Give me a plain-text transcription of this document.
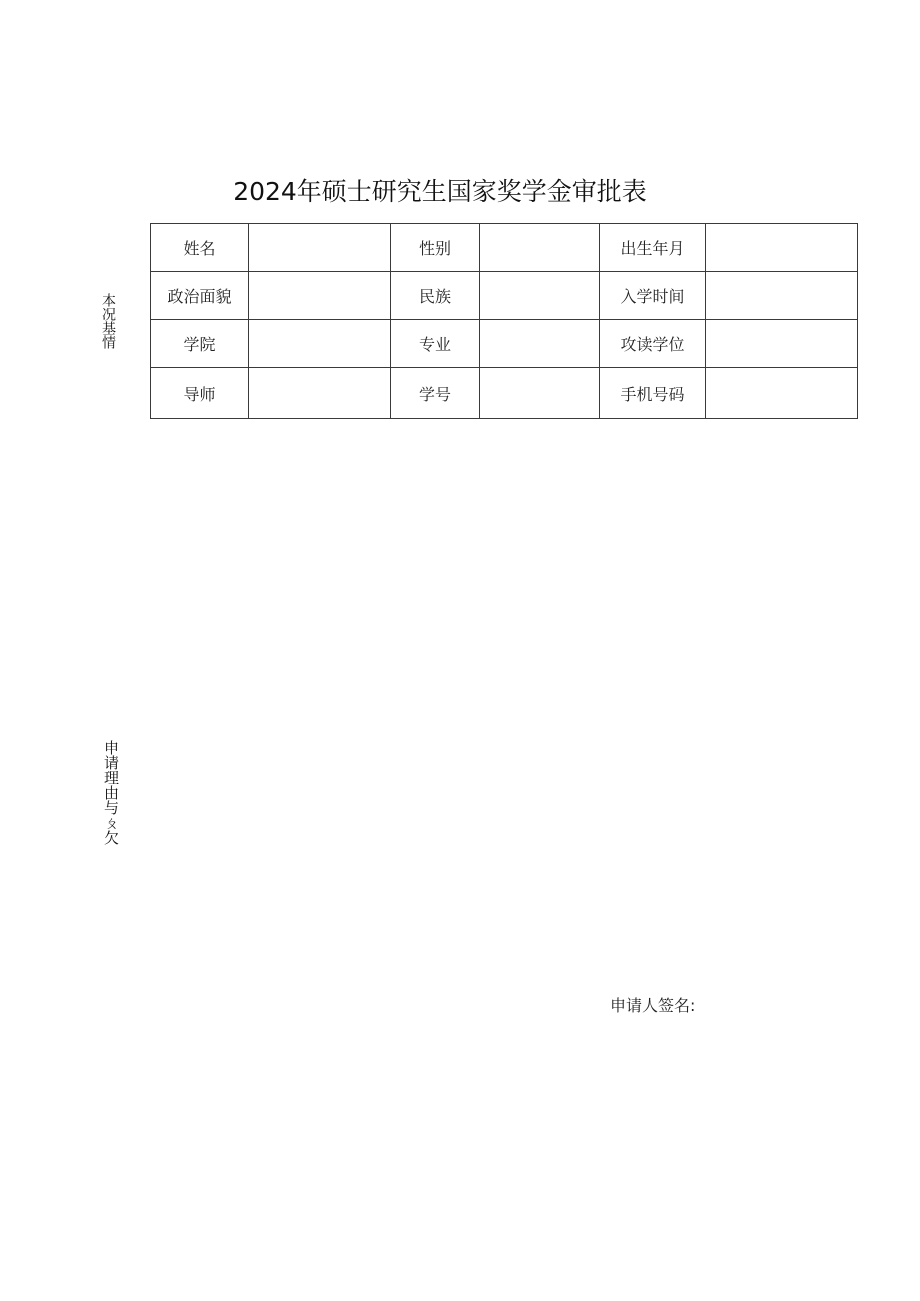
2024年硕士研究生国家奖学金审批表
本况基情
姓名		性别		出生年月	
政治面貌		民族		入学时间	
学院		专业		攻读学位	
导师		学号		手机号码	
申请理由与ㄆ欠
申请人签名:
